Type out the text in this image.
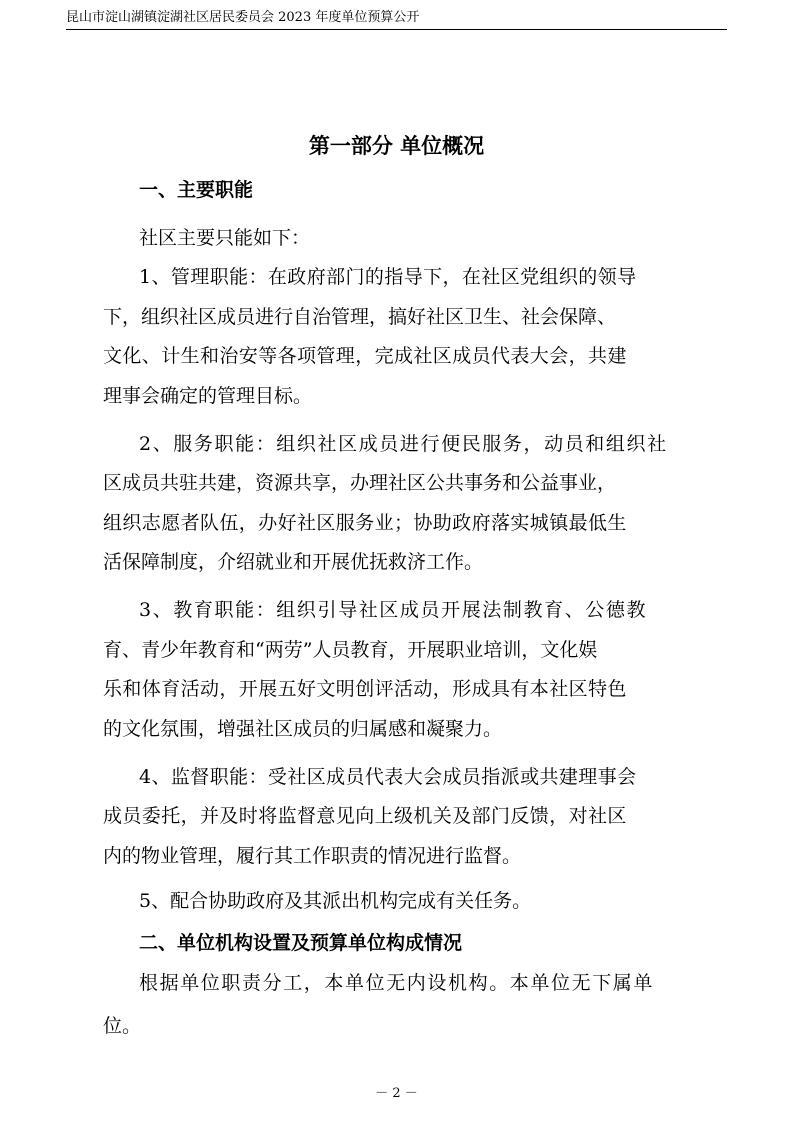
昆山市淀山湖镇淀湖社区居民委员会 2023 年度单位预算公开
第一部分 单位概况
一、主要职能
社区主要只能如下：
1、管理职能：在政府部门的指导下，在社区党组织的领导
下，组织社区成员进行自治管理，搞好社区卫生、社会保障、
文化、计生和治安等各项管理，完成社区成员代表大会，共建
理事会确定的管理目标。
2、服务职能：组织社区成员进行便民服务，动员和组织社
区成员共驻共建，资源共享，办理社区公共事务和公益事业，
组织志愿者队伍，办好社区服务业；协助政府落实城镇最低生
活保障制度，介绍就业和开展优抚救济工作。
3、教育职能：组织引导社区成员开展法制教育、公德教
育、青少年教育和“两劳”人员教育，开展职业培训，文化娱
乐和体育活动，开展五好文明创评活动，形成具有本社区特色
的文化氛围，增强社区成员的归属感和凝聚力。
4、监督职能：受社区成员代表大会成员指派或共建理事会
成员委托，并及时将监督意见向上级机关及部门反馈，对社区
内的物业管理，履行其工作职责的情况进行监督。
5、配合协助政府及其派出机构完成有关任务。
二、单位机构设置及预算单位构成情况
根据单位职责分工，本单位无内设机构。本单位无下属单
位。
－ 2 －
